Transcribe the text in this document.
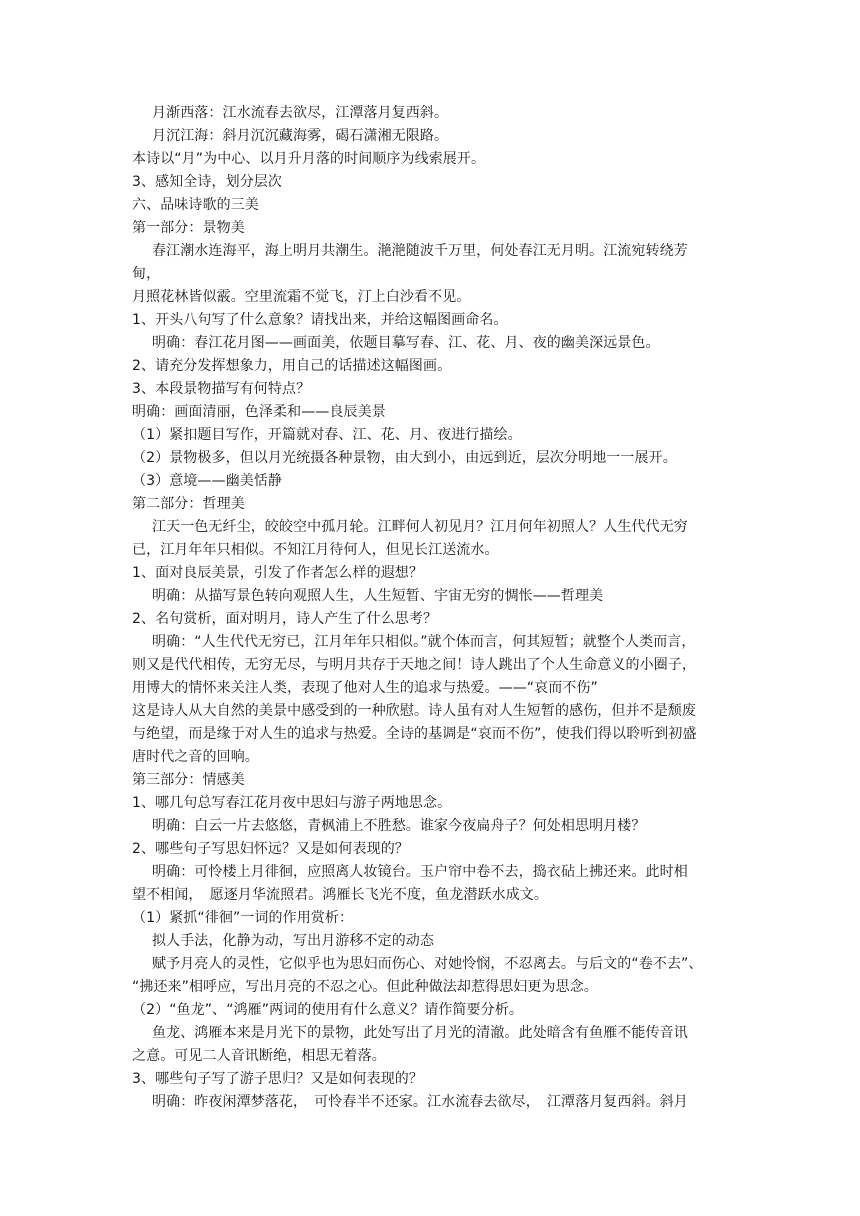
月渐西落：江水流春去欲尽，江潭落月复西斜。
月沉江海：斜月沉沉藏海雾，碣石潇湘无限路。
本诗以“月”为中心、以月升月落的时间顺序为线索展开。
3、感知全诗，划分层次
六、品味诗歌的三美
第一部分：景物美
春江潮水连海平，海上明月共潮生。滟滟随波千万里，何处春江无月明。江流宛转绕芳
甸，
月照花林皆似霰。空里流霜不觉飞，汀上白沙看不见。
1、开头八句写了什么意象？请找出来，并给这幅图画命名。
明确：春江花月图——画面美，依题目摹写春、江、花、月、夜的幽美深远景色。
2、请充分发挥想象力，用自己的话描述这幅图画。
3、本段景物描写有何特点？
明确：画面清丽，色泽柔和——良辰美景
（1）紧扣题目写作，开篇就对春、江、花、月、夜进行描绘。
（2）景物极多，但以月光统摄各种景物，由大到小，由远到近，层次分明地一一展开。
（3）意境——幽美恬静
第二部分：哲理美
江天一色无纤尘，皎皎空中孤月轮。江畔何人初见月？江月何年初照人？人生代代无穷
已，江月年年只相似。不知江月待何人，但见长江送流水。
1、面对良辰美景，引发了作者怎么样的遐想？
明确：从描写景色转向观照人生，人生短暂、宇宙无穷的惆怅——哲理美
2、名句赏析，面对明月，诗人产生了什么思考？
明确：“人生代代无穷已，江月年年只相似。”就个体而言，何其短暂；就整个人类而言，
则又是代代相传，无穷无尽，与明月共存于天地之间！诗人跳出了个人生命意义的小圈子，
用博大的情怀来关注人类，表现了他对人生的追求与热爱。——“哀而不伤”
这是诗人从大自然的美景中感受到的一种欣慰。诗人虽有对人生短暂的感伤，但并不是颓废
与绝望，而是缘于对人生的追求与热爱。全诗的基调是“哀而不伤”，使我们得以聆听到初盛
唐时代之音的回响。
第三部分：情感美
1、哪几句总写春江花月夜中思妇与游子两地思念。
明确：白云一片去悠悠，青枫浦上不胜愁。谁家今夜扁舟子？何处相思明月楼？
2、哪些句子写思妇怀远？又是如何表现的？
明确：可怜楼上月徘徊，应照离人妆镜台。玉户帘中卷不去，捣衣砧上拂还来。此时相
望不相闻，　愿逐月华流照君。鸿雁长飞光不度，鱼龙潜跃水成文。
（1）紧抓“徘徊”一词的作用赏析：
拟人手法，化静为动，写出月游移不定的动态
赋予月亮人的灵性，它似乎也为思妇而伤心、对她怜悯，不忍离去。与后文的“卷不去”、
“拂还来”相呼应，写出月亮的不忍之心。但此种做法却惹得思妇更为思念。
（2）“鱼龙”、“鸿雁”两词的使用有什么意义？请作简要分析。
鱼龙、鸿雁本来是月光下的景物，此处写出了月光的清澈。此处暗含有鱼雁不能传音讯
之意。可见二人音讯断绝，相思无着落。
3、哪些句子写了游子思归？又是如何表现的？
明确：昨夜闲潭梦落花，　可怜春半不还家。江水流春去欲尽，　江潭落月复西斜。斜月
